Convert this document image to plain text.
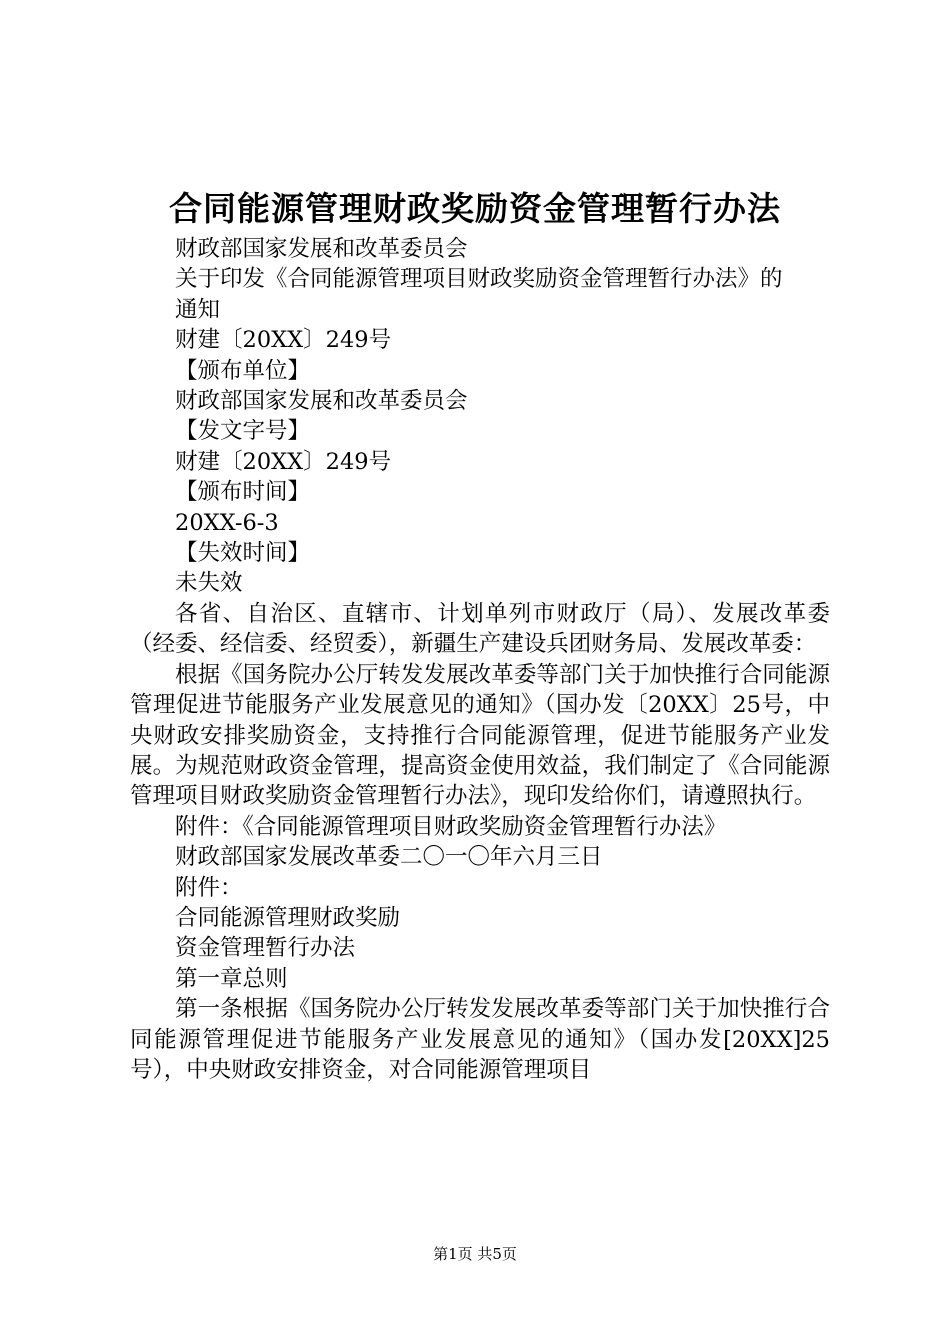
合同能源管理财政奖励资金管理暂行办法

财政部国家发展和改革委员会

关于印发《合同能源管理项目财政奖励资金管理暂行办法》的

通知

财建〔20XX〕249号

【颁布单位】

财政部国家发展和改革委员会

【发文字号】

财建〔20XX〕249号

【颁布时间】

20XX-6-3

【失效时间】

未失效

各省、自治区、直辖市、计划单列市财政厅（局）、发展改革委（经委、经信委、经贸委），新疆生产建设兵团财务局、发展改革委：

根据《国务院办公厅转发发展改革委等部门关于加快推行合同能源管理促进节能服务产业发展意见的通知》（国办发〔20XX〕25号，中央财政安排奖励资金，支持推行合同能源管理，促进节能服务产业发展。为规范财政资金管理，提高资金使用效益，我们制定了《合同能源管理项目财政奖励资金管理暂行办法》，现印发给你们，请遵照执行。

附件：《合同能源管理项目财政奖励资金管理暂行办法》

财政部国家发展改革委二〇一〇年六月三日

附件：

合同能源管理财政奖励

资金管理暂行办法

第一章总则

第一条根据《国务院办公厅转发发展改革委等部门关于加快推行合同能源管理促进节能服务产业发展意见的通知》（国办发[20XX]25号），中央财政安排资金，对合同能源管理项目

第1页 共5页
